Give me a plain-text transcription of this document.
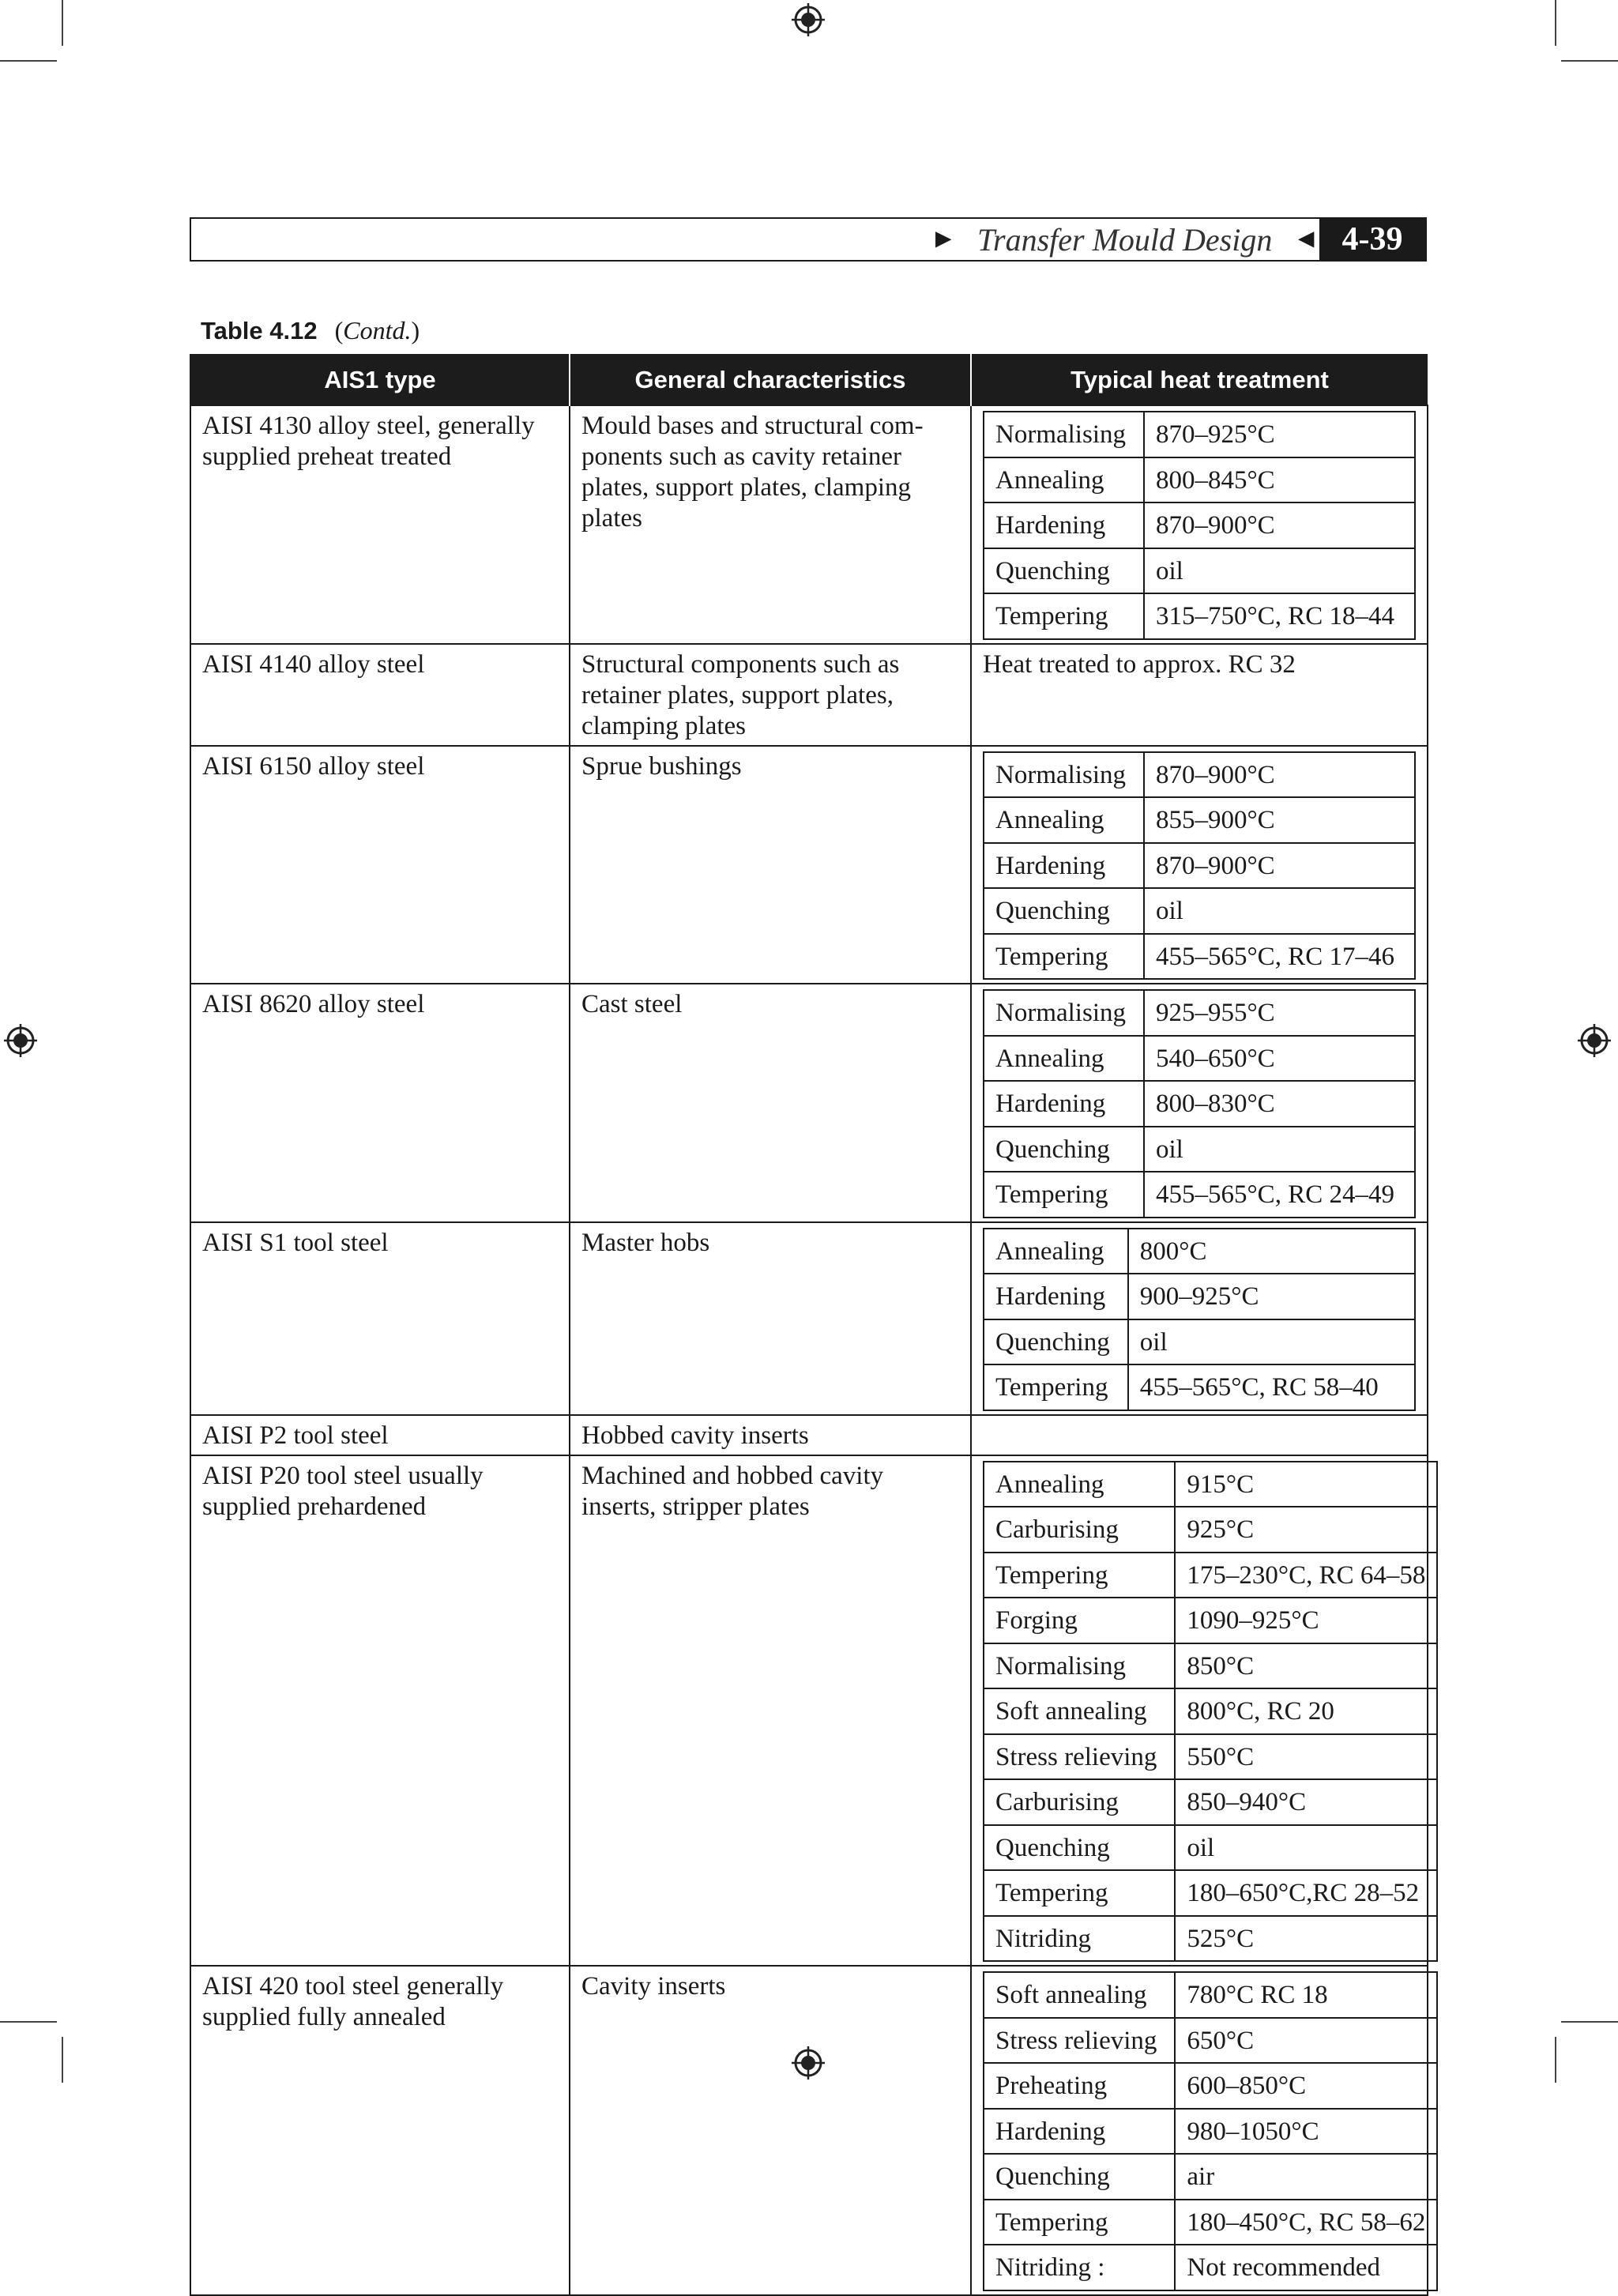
► Transfer Mould Design ◄ 4-39
Table 4.12 (Contd.)
AIS1 type	General characteristics	Typical heat treatment
AISI 4130 alloy steel, generally supplied preheat treated	Mould bases and structural com-ponents such as cavity retainer plates, support plates, clamping plates	
Normalising	870–925°C
Annealing	800–845°C
Hardening	870–900°C
Quenching	oil
Tempering	315–750°C, RC 18–44

AISI 4140 alloy steel	Structural components such as retainer plates, support plates, clamping plates	Heat treated to approx. RC 32
AISI 6150 alloy steel	Sprue bushings		Normalising	870–900°C
Annealing	855–900°C
Hardening	870–900°C
Quenching	oil
Tempering	455–565°C, RC 17–46

AISI 8620 alloy steel	Cast steel		Normalising	925–955°C
Annealing	540–650°C
Hardening	800–830°C
Quenching	oil
Tempering	455–565°C, RC 24–49

AISI S1 tool steel	Master hobs		Annealing	800°C
Hardening	900–925°C
Quenching	oil
Tempering	455–565°C, RC 58–40

AISI P2 tool steel	Hobbed cavity inserts	
AISI P20 tool steel usually supplied prehardened	Machined and hobbed cavity inserts, stripper plates	
Annealing	915°C
Carburising	925°C
Tempering	175–230°C, RC 64–58
Forging	1090–925°C
Normalising	850°C
Soft annealing	800°C, RC 20
Stress relieving	550°C
Carburising	850–940°C
Quenching	oil
Tempering	180–650°C,RC 28–52
Nitriding	525°C

AISI 420 tool steel generally supplied fully annealed	Cavity inserts		Soft annealing	780°C RC 18
Stress relieving	650°C
Preheating	600–850°C
Hardening	980–1050°C
Quenching	air
Tempering	180–450°C, RC 58–62
Nitriding :	Not recommended
